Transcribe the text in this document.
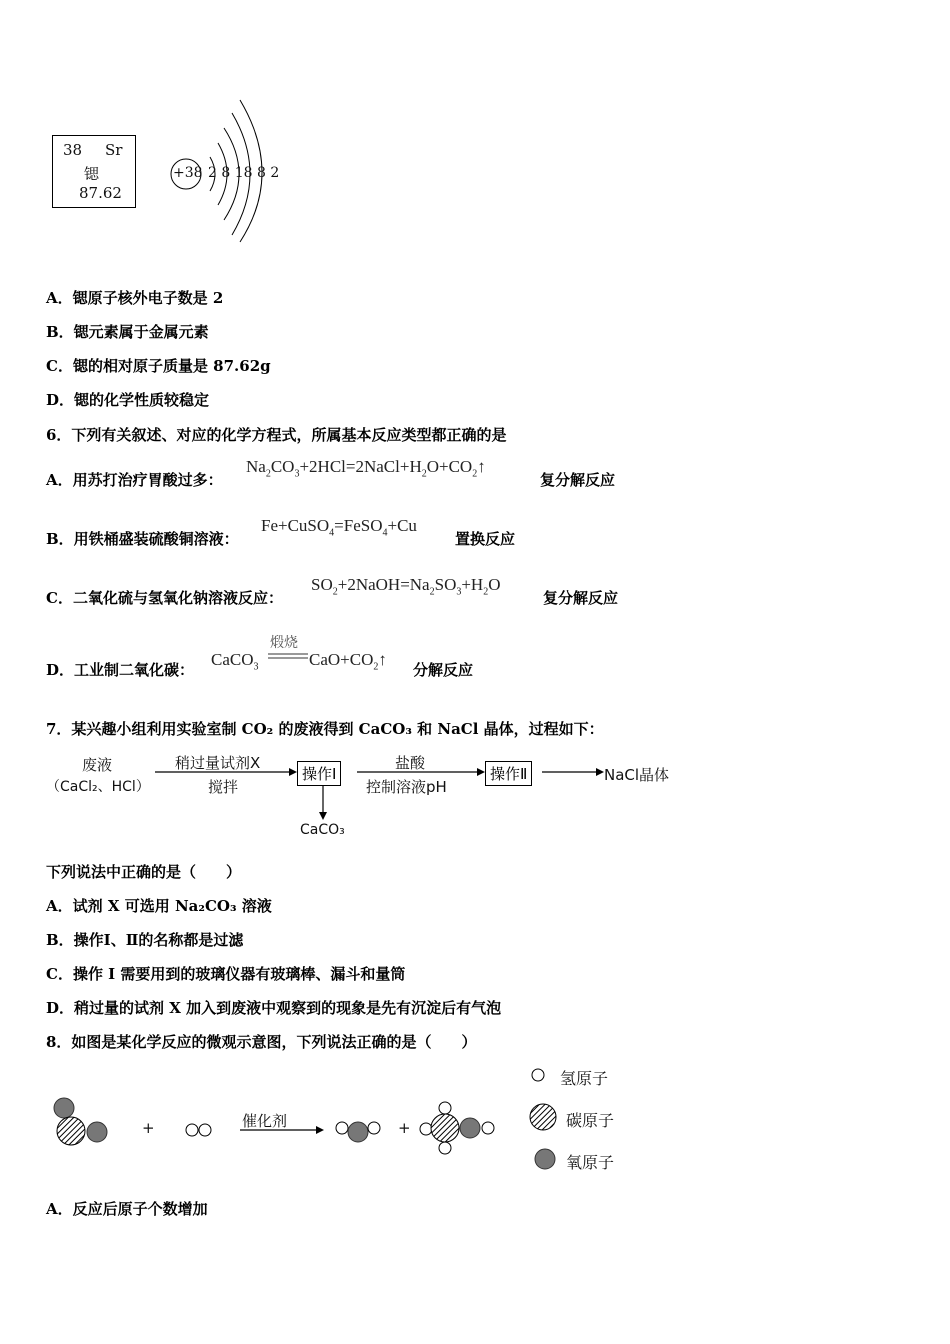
38 Sr
锶
87.62
+38 2 8 18 8 2
A．锶原子核外电子数是 2
B．锶元素属于金属元素
C．锶的相对原子质量是 87.62g
D．锶的化学性质较稳定
6．下列有关叙述、对应的化学方程式，所属基本反应类型都正确的是
A．用苏打治疗胃酸过多：
$Na_2CO_3+2HCl=2NaCl+H_2O+CO_2↑$
复分解反应
B．用铁桶盛装硫酸铜溶液：
Fe+CuSO$_4$=FeSO$_4$+Cu
置换反应
C．二氧化硫与氢氧化钠溶液反应：
$SO_2+2NaOH=Na_2SO_3+H_2O$
复分解反应
D．工业制二氧化碳：
CaCO$_3$
煅烧
$CaO+CO_2↑$
分解反应
7．某兴趣小组利用实验室制 CO₂ 的废液得到 CaCO₃ 和 NaCl 晶体，过程如下：
废液
（CaCl₂、HCl）
稍过量试剂X
搅拌
操作Ⅰ
CaCO₃
盐酸
控制溶液pH
操作Ⅱ	NaCl晶体
下列说法中正确的是（　　）
A．试剂 X 可选用 Na₂CO₃ 溶液
B．操作Ⅰ、Ⅱ的名称都是过滤
C．操作 I 需要用到的玻璃仪器有玻璃棒、漏斗和量筒
D．稍过量的试剂 X 加入到废液中观察到的现象是先有沉淀后有气泡
8．如图是某化学反应的微观示意图，下列说法正确的是（　　）
+	+
催化剂
氢原子
碳原子
氧原子
A．反应后原子个数增加
